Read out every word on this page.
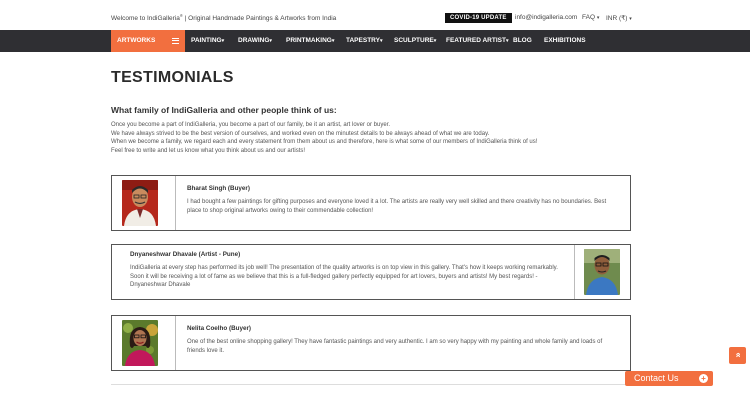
Welcome to IndiGalleria® | Original Handmade Paintings & Artworks from India	COVID-19 UPDATE	info@indigalleria.com FAQ ▾ INR (₹) ▾
ARTWORKS	PAINTING▾ DRAWING▾ PRINTMAKING▾ TAPESTRY▾ SCULPTURE▾ FEATURED ARTIST▾ BLOG EXHIBITIONS
TESTIMONIALS
What family of IndiGalleria and other people think of us:

Once you become a part of IndiGalleria, you become a part of our family, be it an artist, art lover or buyer.

We have always strived to be the best version of ourselves, and worked even on the minutest details to be always ahead of what we are today.

When we become a family, we regard each and every statement from them about us and therefore, here is what some of our members of IndiGalleria think of us!

Feel free to write and let us know what you think about us and our artists!

Bharat Singh (Buyer)
I had bought a few paintings for gifting purposes and everyone loved it a lot. The artists are really very well skilled and there creativity has no boundaries. Best place to shop original artworks owing to their commendable collection!
Dnyaneshwar Dhavale (Artist - Pune)
IndiGalleria at every step has performed its job well! The presentation of the quality artworks is on top view in this gallery. That's how it keeps working remarkably. Soon it will be receiving a lot of fame as we believe that this is a full-fledged gallery perfectly equipped for art lovers, buyers and artists! My best regards! - Dnyaneshwar Dhavale
Nelita Coelho (Buyer)
One of the best online shopping gallery! They have fantastic paintings and very authentic. I am so very happy with my painting and whole family and loads of friends love it.
»
Contact Us	+
